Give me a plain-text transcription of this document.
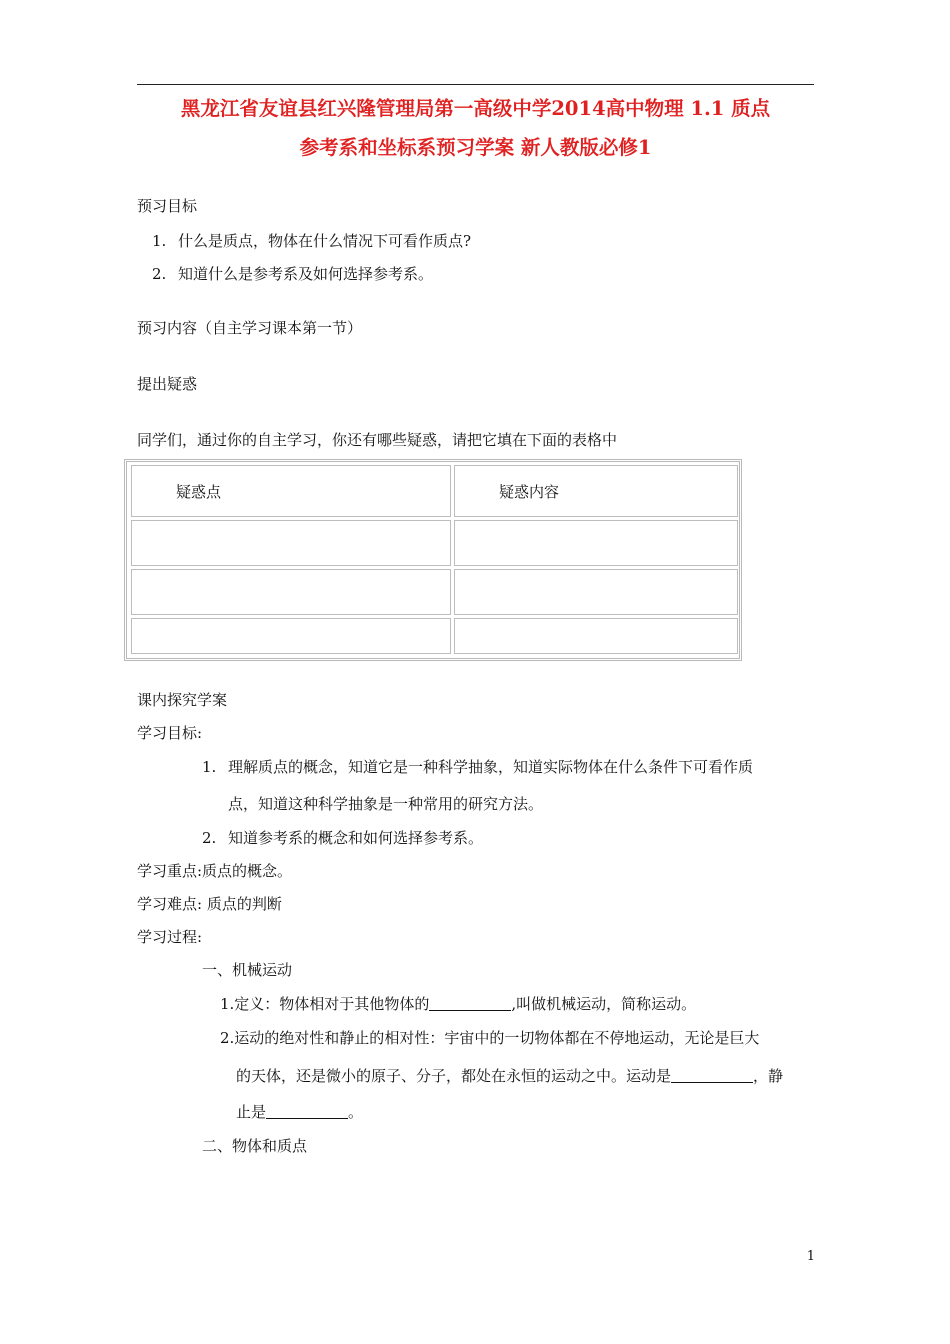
黑龙江省友谊县红兴隆管理局第一高级中学2014高中物理 1.1 质点
参考系和坐标系预习学案 新人教版必修1
预习目标
1. 什么是质点，物体在什么情况下可看作质点?
2. 知道什么是参考系及如何选择参考系。
预习内容（自主学习课本第一节）
提出疑惑
同学们，通过你的自主学习，你还有哪些疑惑，请把它填在下面的表格中
疑惑点	疑惑内容
课内探究学案
学习目标:
1. 理解质点的概念，知道它是一种科学抽象，知道实际物体在什么条件下可看作质
点，知道这种科学抽象是一种常用的研究方法。
2. 知道参考系的概念和如何选择参考系。
学习重点:质点的概念。
学习难点: 质点的判断
学习过程:
一、机械运动
1.定义：物体相对于其他物体的	,叫做机械运动，简称运动。
2.运动的绝对性和静止的相对性：宇宙中的一切物体都在不停地运动，无论是巨大
的天体，还是微小的原子、分子，都处在永恒的运动之中。运动是	，静
止是	。
二、物体和质点
1
